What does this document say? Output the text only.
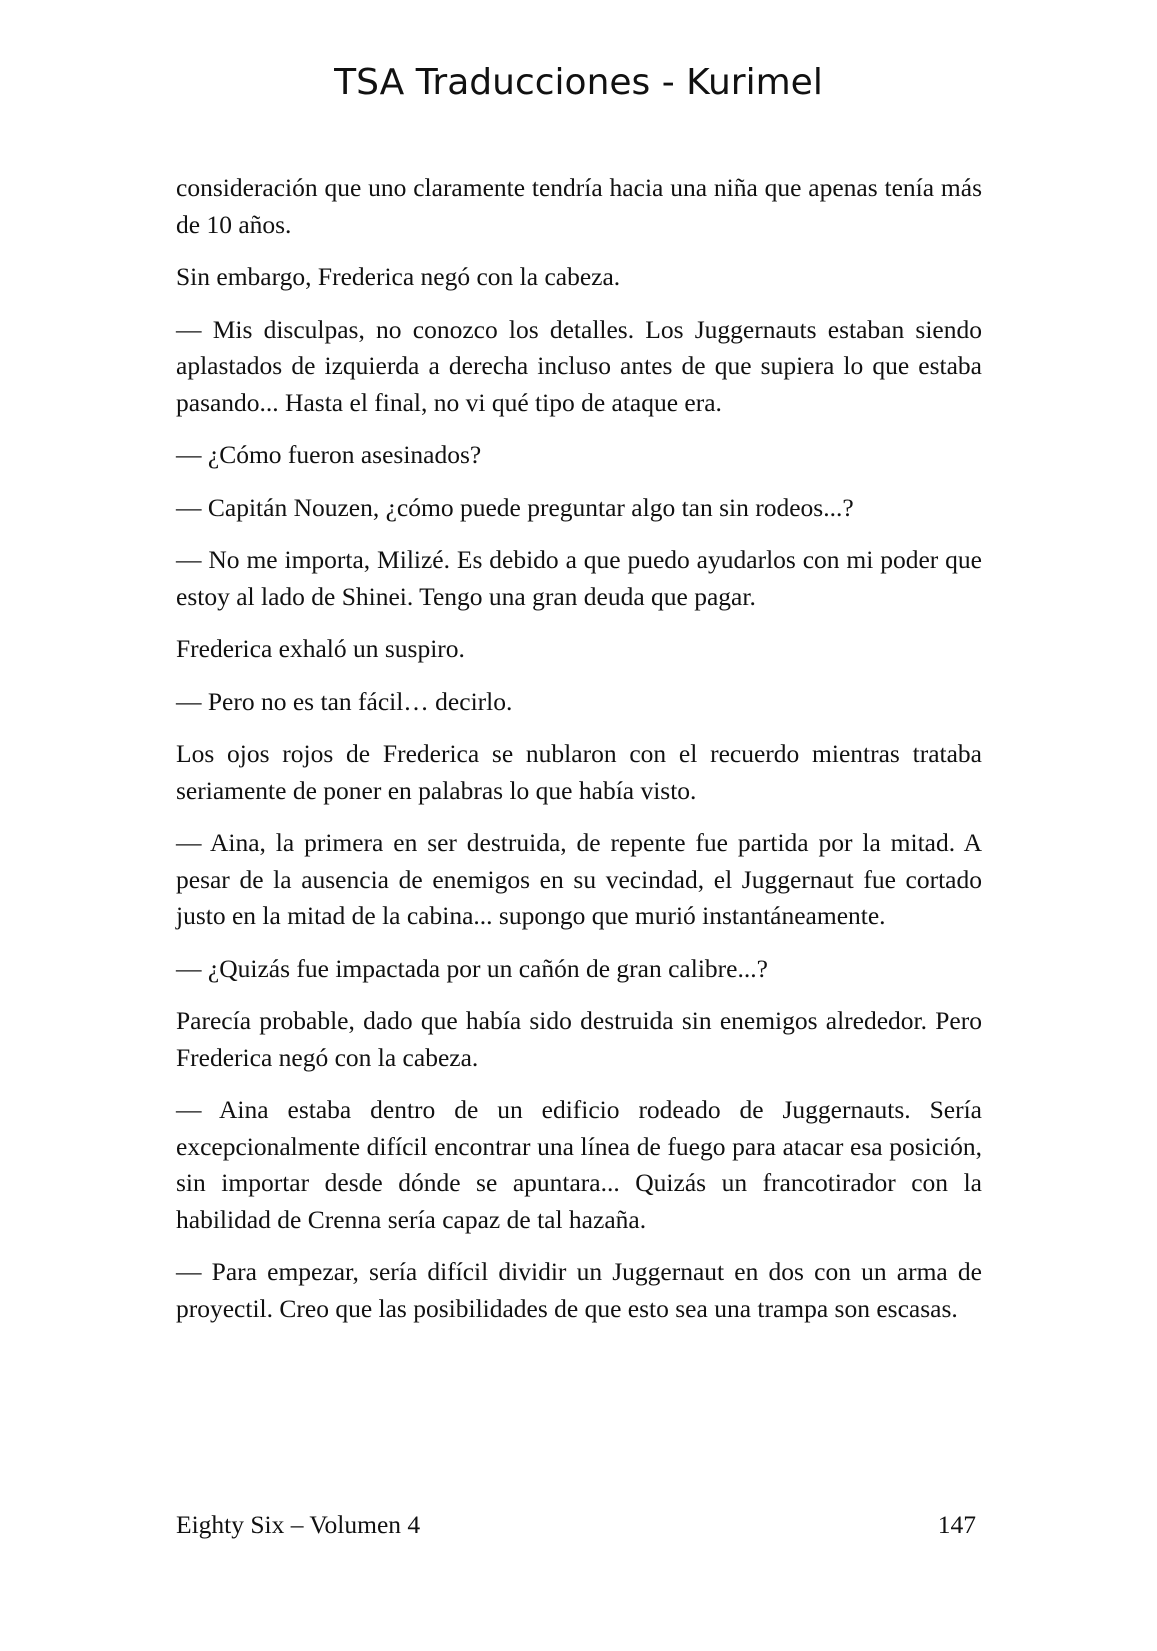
TSA Traducciones - Kurimel

consideración que uno claramente tendría hacia una niña que apenas tenía más de 10 años.

Sin embargo, Frederica negó con la cabeza.

— Mis disculpas, no conozco los detalles. Los Juggernauts estaban siendo aplastados de izquierda a derecha incluso antes de que supiera lo que estaba pasando... Hasta el final, no vi qué tipo de ataque era.

— ¿Cómo fueron asesinados?

— Capitán Nouzen, ¿cómo puede preguntar algo tan sin rodeos...?

— No me importa, Milizé. Es debido a que puedo ayudarlos con mi poder que estoy al lado de Shinei. Tengo una gran deuda que pagar.

Frederica exhaló un suspiro.

— Pero no es tan fácil… decirlo.

Los ojos rojos de Frederica se nublaron con el recuerdo mientras trataba seriamente de poner en palabras lo que había visto.

— Aina, la primera en ser destruida, de repente fue partida por la mitad. A pesar de la ausencia de enemigos en su vecindad, el Juggernaut fue cortado justo en la mitad de la cabina... supongo que murió instantáneamente.

— ¿Quizás fue impactada por un cañón de gran calibre...?

Parecía probable, dado que había sido destruida sin enemigos alrededor. Pero Frederica negó con la cabeza.

— Aina estaba dentro de un edificio rodeado de Juggernauts. Sería excepcionalmente difícil encontrar una línea de fuego para atacar esa posición, sin importar desde dónde se apuntara... Quizás un francotirador con la habilidad de Crenna sería capaz de tal hazaña.

— Para empezar, sería difícil dividir un Juggernaut en dos con un arma de proyectil. Creo que las posibilidades de que esto sea una trampa son escasas.

Eighty Six – Volumen 4	147
